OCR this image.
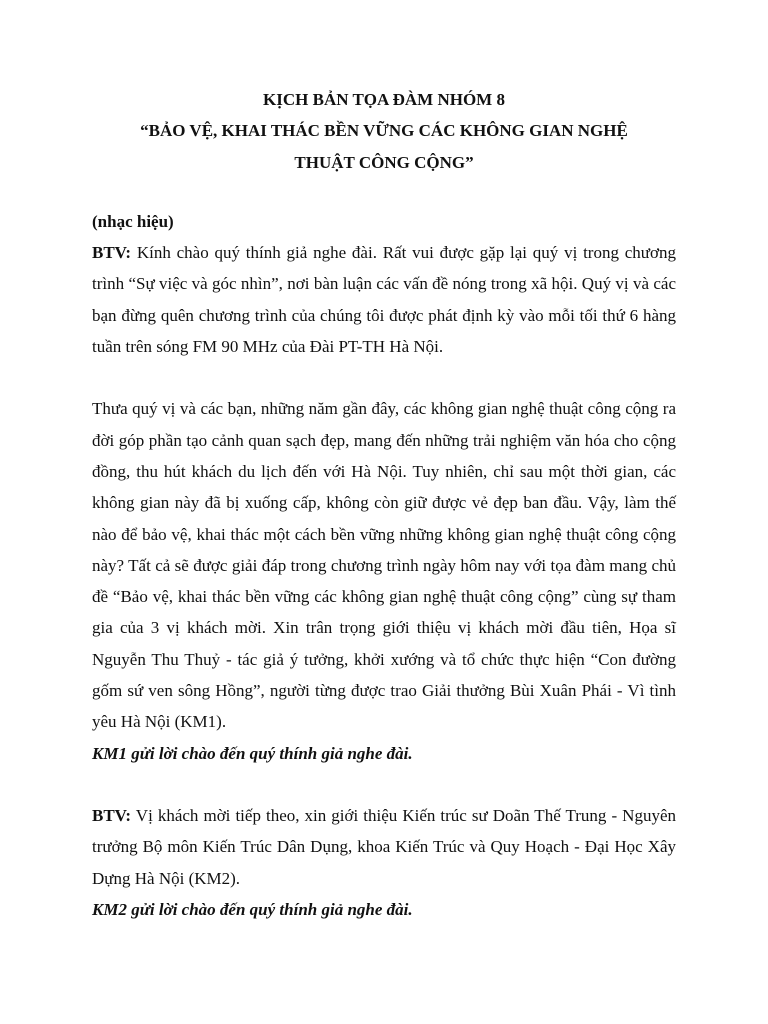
KỊCH BẢN TỌA ĐÀM NHÓM 8
“BẢO VỆ, KHAI THÁC BỀN VỮNG CÁC KHÔNG GIAN NGHỆ
THUẬT CÔNG CỘNG”

(nhạc hiệu)

BTV: Kính chào quý thính giả nghe đài. Rất vui được gặp lại quý vị trong chương trình “Sự việc và góc nhìn”, nơi bàn luận các vấn đề nóng trong xã hội. Quý vị và các bạn đừng quên chương trình của chúng tôi được phát định kỳ vào mỗi tối thứ 6 hàng tuần trên sóng FM 90 MHz của Đài PT-TH Hà Nội.

Thưa quý vị và các bạn, những năm gần đây, các không gian nghệ thuật công cộng ra đời góp phần tạo cảnh quan sạch đẹp, mang đến những trải nghiệm văn hóa cho cộng đồng, thu hút khách du lịch đến với Hà Nội. Tuy nhiên, chỉ sau một thời gian, các không gian này đã bị xuống cấp, không còn giữ được vẻ đẹp ban đầu. Vậy, làm thế nào để bảo vệ, khai thác một cách bền vững những không gian nghệ thuật công cộng này? Tất cả sẽ được giải đáp trong chương trình ngày hôm nay với tọa đàm mang chủ đề “Bảo vệ, khai thác bền vững các không gian nghệ thuật công cộng” cùng sự tham gia của 3 vị khách mời. Xin trân trọng giới thiệu vị khách mời đầu tiên, Họa sĩ Nguyễn Thu Thuỷ - tác giả ý tưởng, khởi xướng và tổ chức thực hiện “Con đường gốm sứ ven sông Hồng”, người từng được trao Giải thưởng Bùi Xuân Phái - Vì tình yêu Hà Nội (KM1).

KM1 gửi lời chào đến quý thính giả nghe đài.

BTV: Vị khách mời tiếp theo, xin giới thiệu Kiến trúc sư Doãn Thế Trung - Nguyên trưởng Bộ môn Kiến Trúc Dân Dụng, khoa Kiến Trúc và Quy Hoạch - Đại Học Xây Dựng Hà Nội (KM2).

KM2 gửi lời chào đến quý thính giả nghe đài.
